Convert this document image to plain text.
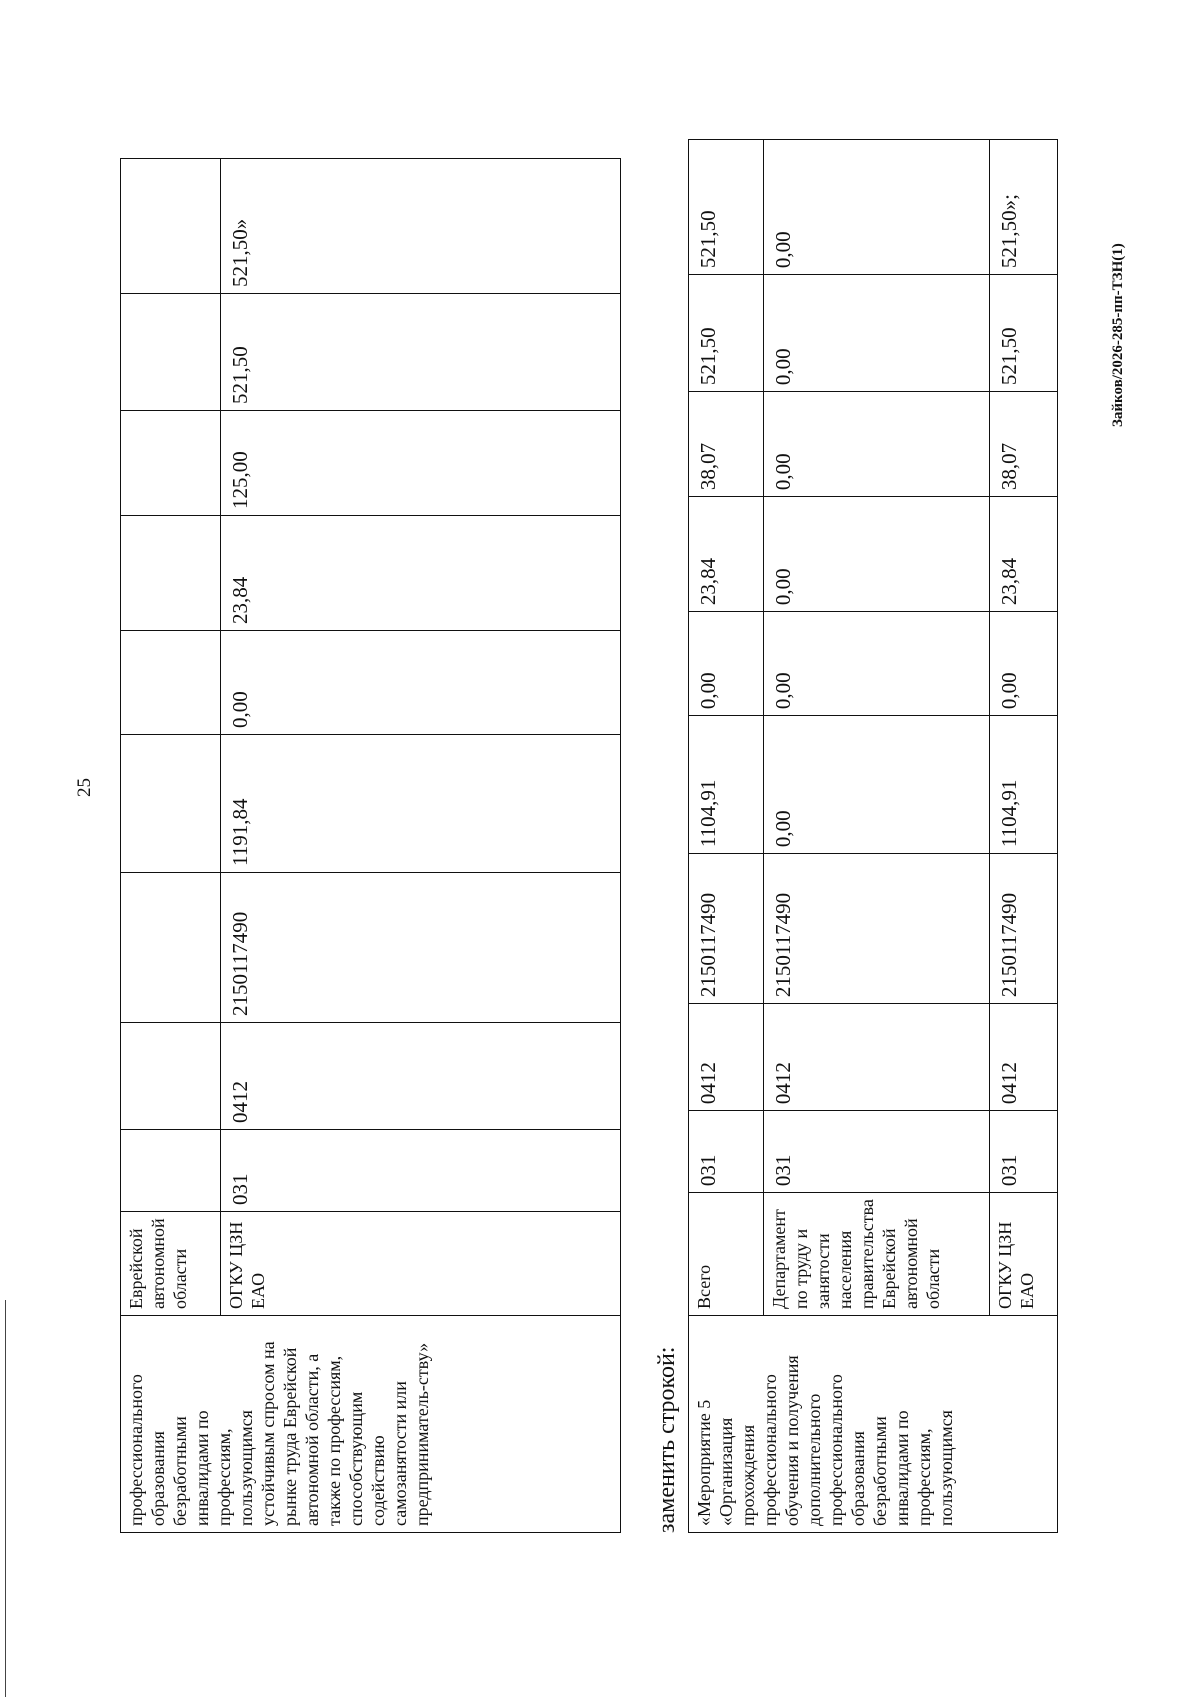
25
профессионального образования безработными инвалидами по профессиям, пользующимся устойчивым спросом на рынке труда Еврейской автономной области, а также по профессиям, способствующим содействию самозанятости или предприниматель-ству»	Еврейской автономной области									
	ОГКУ ЦЗН ЕАО	031	0412	2150117490	1191,84	0,00	23,84	125,00	521,50	521,50»
заменить строкой: «Мероприятие 5 «Организация прохождения профессионального обучения и получения дополнительного профессионального образования безработными инвалидами по профессиям, пользующимся	Всего	031	0412	2150117490	1104,91	0,00	23,84	38,07	521,50	521,50
	Департамент по труду и занятости населения правительства Еврейской автономной области	031	0412	2150117490	0,00	0,00	0,00	0,00	0,00	0,00
	ОГКУ ЦЗН ЕАО	031	0412	2150117490	1104,91	0,00	23,84	38,07	521,50	521,50»;
Зайков/2026-285-пп-ТЗН(1)
